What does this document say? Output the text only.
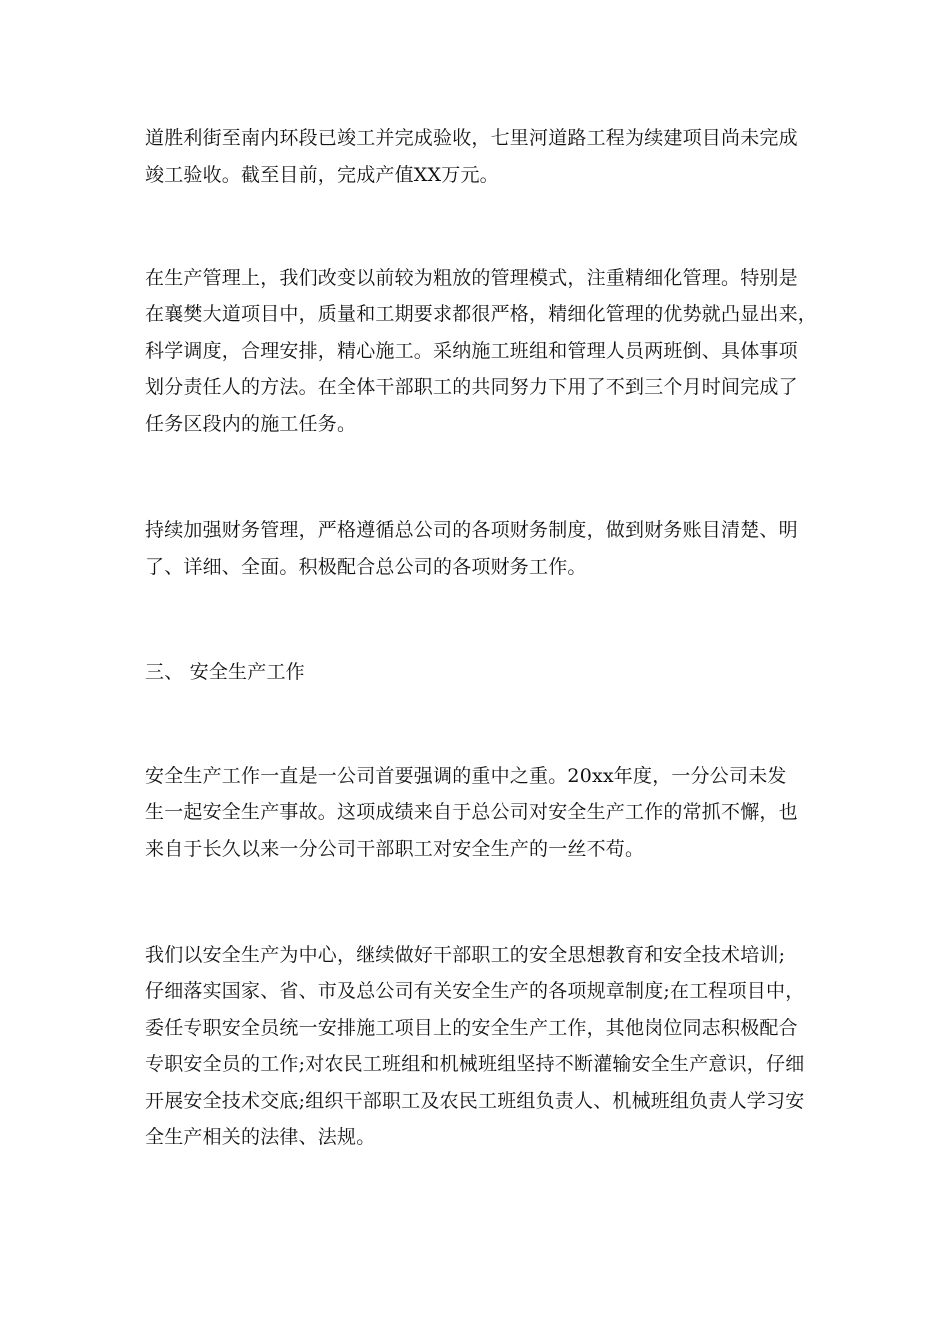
道胜利街至南内环段已竣工并完成验收，七里河道路工程为续建项目尚未完成
竣工验收。截至目前，完成产值XX万元。
在生产管理上，我们改变以前较为粗放的管理模式，注重精细化管理。特别是
在襄樊大道项目中，质量和工期要求都很严格，精细化管理的优势就凸显出来，
科学调度，合理安排，精心施工。采纳施工班组和管理人员两班倒、具体事项
划分责任人的方法。在全体干部职工的共同努力下用了不到三个月时间完成了
任务区段内的施工任务。
持续加强财务管理，严格遵循总公司的各项财务制度，做到财务账目清楚、明
了、详细、全面。积极配合总公司的各项财务工作。
三、 安全生产工作
安全生产工作一直是一公司首要强调的重中之重。20xx年度，一分公司未发
生一起安全生产事故。这项成绩来自于总公司对安全生产工作的常抓不懈，也
来自于长久以来一分公司干部职工对安全生产的一丝不苟。
我们以安全生产为中心，继续做好干部职工的安全思想教育和安全技术培训;
仔细落实国家、省、市及总公司有关安全生产的各项规章制度;在工程项目中，
委任专职安全员统一安排施工项目上的安全生产工作，其他岗位同志积极配合
专职安全员的工作;对农民工班组和机械班组坚持不断灌输安全生产意识，仔细
开展安全技术交底;组织干部职工及农民工班组负责人、机械班组负责人学习安
全生产相关的法律、法规。
